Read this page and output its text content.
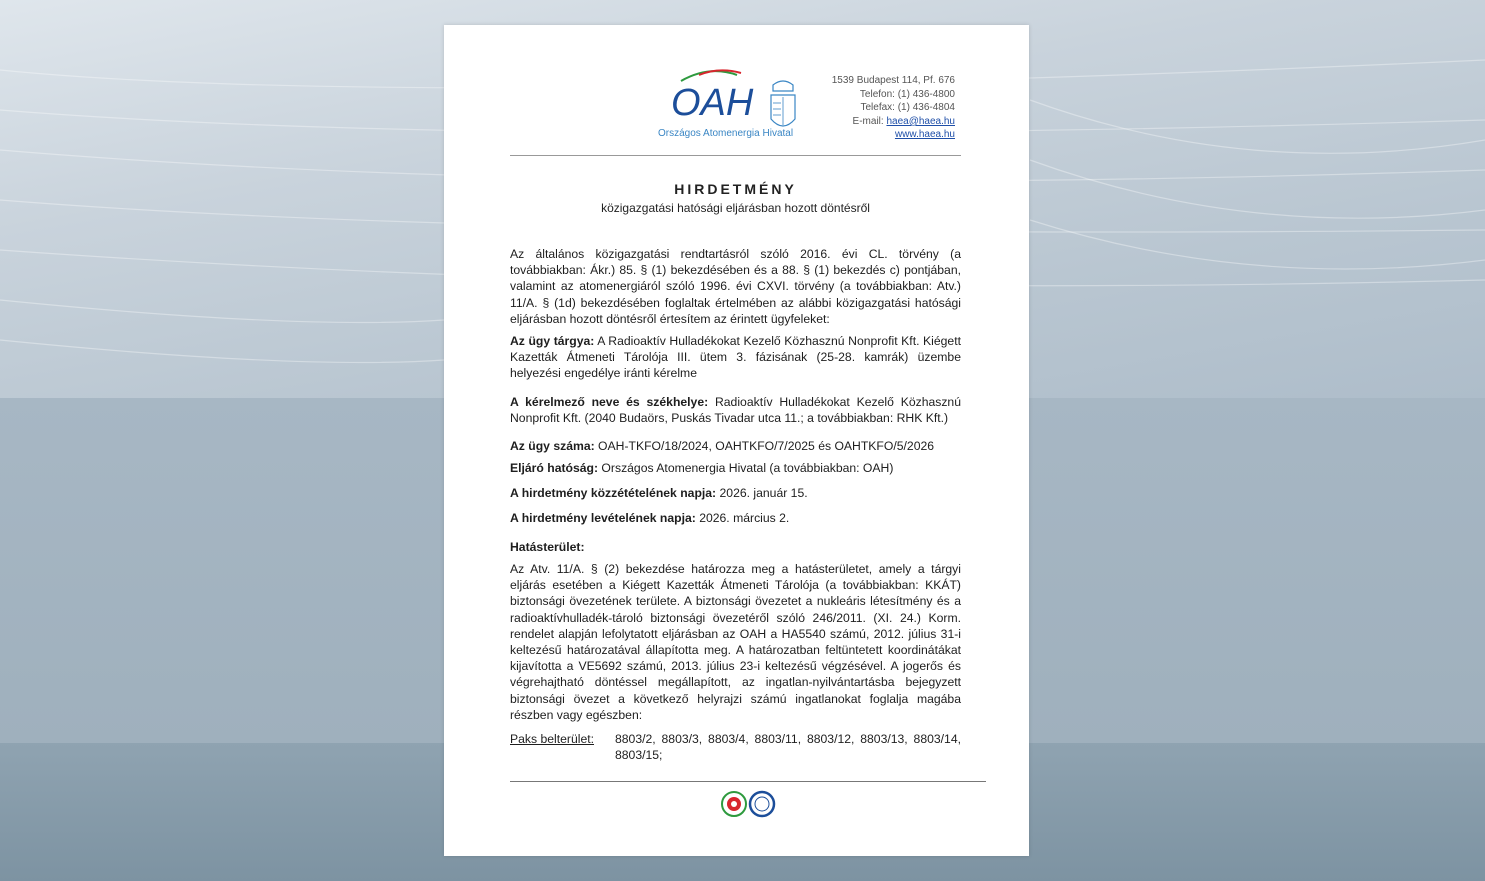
OAH
Országos Atomenergia Hivatal
1539 Budapest 114, Pf. 676
Telefon: (1) 436-4800
Telefax: (1) 436-4804
E-mail: haea@haea.hu
www.haea.hu
HIRDETMÉNY
közigazgatási hatósági eljárásban hozott döntésről
Az általános közigazgatási rendtartásról szóló 2016. évi CL. törvény (a továbbiakban: Ákr.) 85. § (1) bekezdésében és a 88. § (1) bekezdés c) pontjában, valamint az atomenergiáról szóló 1996. évi CXVI. törvény (a továbbiakban: Atv.) 11/A. § (1d) bekezdésében foglaltak értelmében az alábbi közigazgatási hatósági eljárásban hozott döntésről értesítem az érintett ügyfeleket:
Az ügy tárgya: A Radioaktív Hulladékokat Kezelő Közhasznú Nonprofit Kft. Kiégett Kazetták Átmeneti Tárolója III. ütem 3. fázisának (25-28. kamrák) üzembe helyezési engedélye iránti kérelme
A kérelmező neve és székhelye: Radioaktív Hulladékokat Kezelő Közhasznú Nonprofit Kft. (2040 Budaörs, Puskás Tivadar utca 11.; a továbbiakban: RHK Kft.)
Az ügy száma: OAH-TKFO/18/2024, OAHTKFO/7/2025 és OAHTKFO/5/2026
Eljáró hatóság: Országos Atomenergia Hivatal (a továbbiakban: OAH)
A hirdetmény közzétételének napja: 2026. január 15.
A hirdetmény levételének napja: 2026. március 2.
Hatásterület:
Az Atv. 11/A. § (2) bekezdése határozza meg a hatásterületet, amely a tárgyi eljárás esetében a Kiégett Kazetták Átmeneti Tárolója (a továbbiakban: KKÁT) biztonsági övezetének területe. A biztonsági övezetet a nukleáris létesítmény és a radioaktívhulladék-tároló biztonsági övezetéről szóló 246/2011. (XI. 24.) Korm. rendelet alapján lefolytatott eljárásban az OAH a HA5540 számú, 2012. július 31-i keltezésű határozatával állapította meg. A határozatban feltüntetett koordinátákat kijavította a VE5692 számú, 2013. július 23-i keltezésű végzésével. A jogerős és végrehajtható döntéssel megállapított, az ingatlan-nyilvántartásba bejegyzett biztonsági övezet a következő helyrajzi számú ingatlanokat foglalja magába részben vagy egészben:
Paks belterület:	8803/2, 8803/3, 8803/4, 8803/11, 8803/12, 8803/13, 8803/14, 8803/15;
